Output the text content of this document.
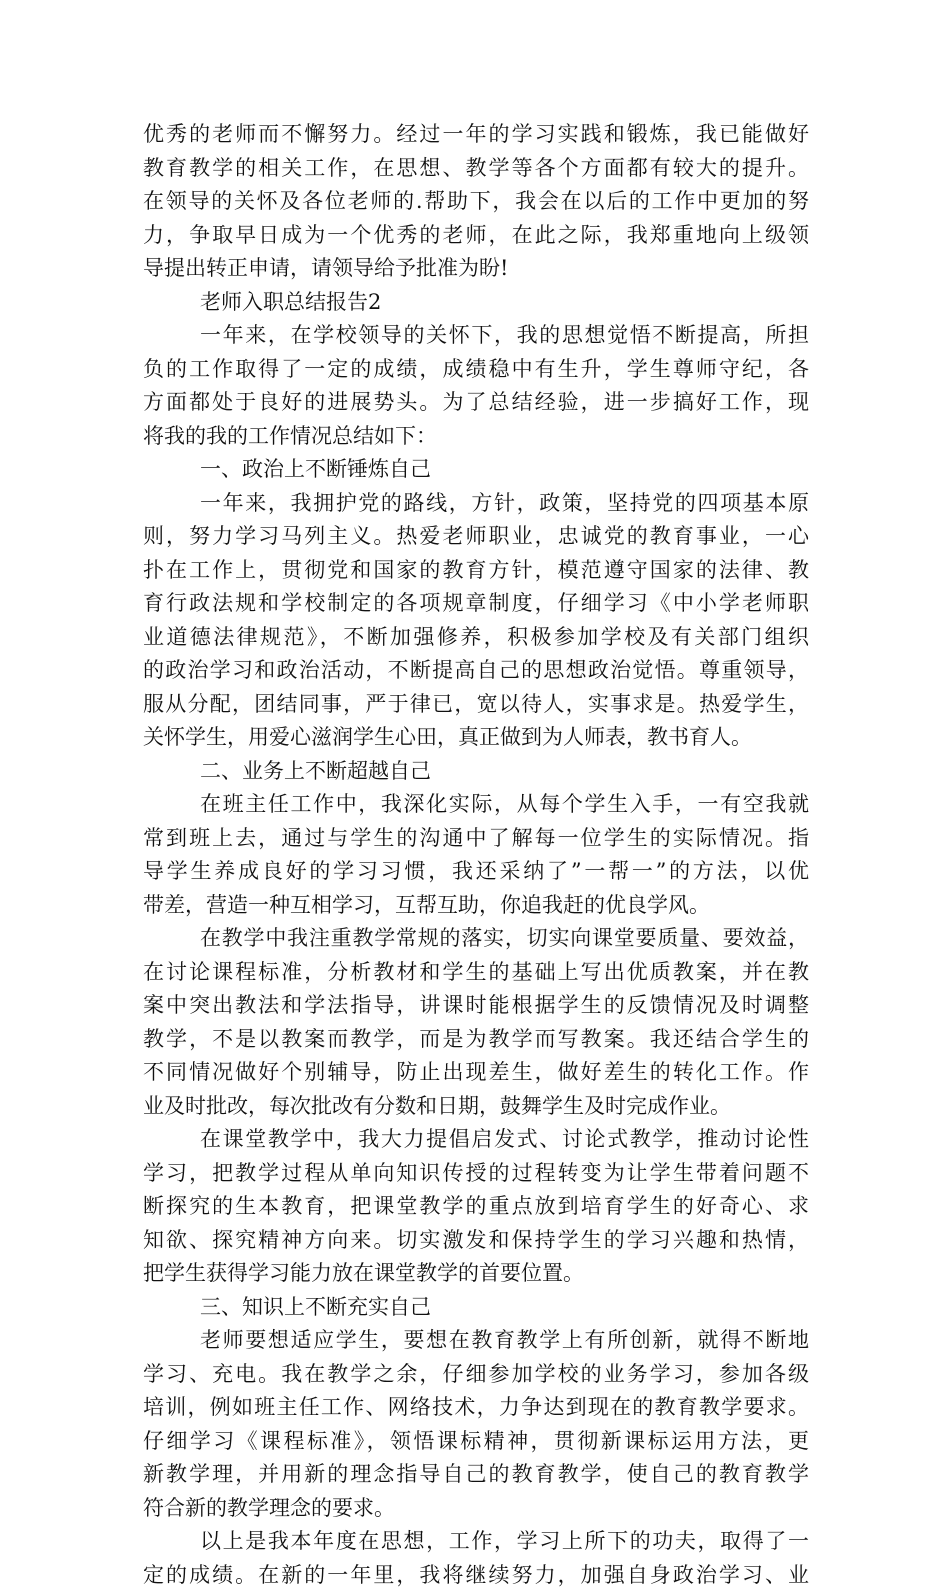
优秀的老师而不懈努力。经过一年的学习实践和锻炼，我已能做好
教育教学的相关工作，在思想、教学等各个方面都有较大的提升。
在领导的关怀及各位老师的.帮助下，我会在以后的工作中更加的努
力，争取早日成为一个优秀的老师，在此之际，我郑重地向上级领
导提出转正申请，请领导给予批准为盼!
老师入职总结报告2
一年来，在学校领导的关怀下，我的思想觉悟不断提高，所担
负的工作取得了一定的成绩，成绩稳中有生升，学生尊师守纪，各
方面都处于良好的进展势头。为了总结经验，进一步搞好工作，现
将我的我的工作情况总结如下：
一、政治上不断锤炼自己
一年来，我拥护党的路线，方针，政策，坚持党的四项基本原
则，努力学习马列主义。热爱老师职业，忠诚党的教育事业，一心
扑在工作上，贯彻党和国家的教育方针，模范遵守国家的法律、教
育行政法规和学校制定的各项规章制度，仔细学习《中小学老师职
业道德法律规范》，不断加强修养，积极参加学校及有关部门组织
的政治学习和政治活动，不断提高自己的思想政治觉悟。尊重领导，
服从分配，团结同事，严于律已，宽以待人，实事求是。热爱学生，
关怀学生，用爱心滋润学生心田，真正做到为人师表，教书育人。
二、业务上不断超越自己
在班主任工作中，我深化实际，从每个学生入手，一有空我就
常到班上去，通过与学生的沟通中了解每一位学生的实际情况。指
导学生养成良好的学习习惯，我还采纳了”一帮一”的方法，以优
带差，营造一种互相学习，互帮互助，你追我赶的优良学风。
在教学中我注重教学常规的落实，切实向课堂要质量、要效益，
在讨论课程标准，分析教材和学生的基础上写出优质教案，并在教
案中突出教法和学法指导，讲课时能根据学生的反馈情况及时调整
教学，不是以教案而教学，而是为教学而写教案。我还结合学生的
不同情况做好个别辅导，防止出现差生，做好差生的转化工作。作
业及时批改，每次批改有分数和日期，鼓舞学生及时完成作业。
在课堂教学中，我大力提倡启发式、讨论式教学，推动讨论性
学习，把教学过程从单向知识传授的过程转变为让学生带着问题不
断探究的生本教育，把课堂教学的重点放到培育学生的好奇心、求
知欲、探究精神方向来。切实激发和保持学生的学习兴趣和热情，
把学生获得学习能力放在课堂教学的首要位置。
三、知识上不断充实自己
老师要想适应学生，要想在教育教学上有所创新，就得不断地
学习、充电。我在教学之余，仔细参加学校的业务学习，参加各级
培训，例如班主任工作、网络技术，力争达到现在的教育教学要求。
仔细学习《课程标准》，领悟课标精神，贯彻新课标运用方法，更
新教学理，并用新的理念指导自己的教育教学，使自己的教育教学
符合新的教学理念的要求。
以上是我本年度在思想，工作，学习上所下的功夫，取得了一
定的成绩。在新的一年里，我将继续努力，加强自身政治学习、业
